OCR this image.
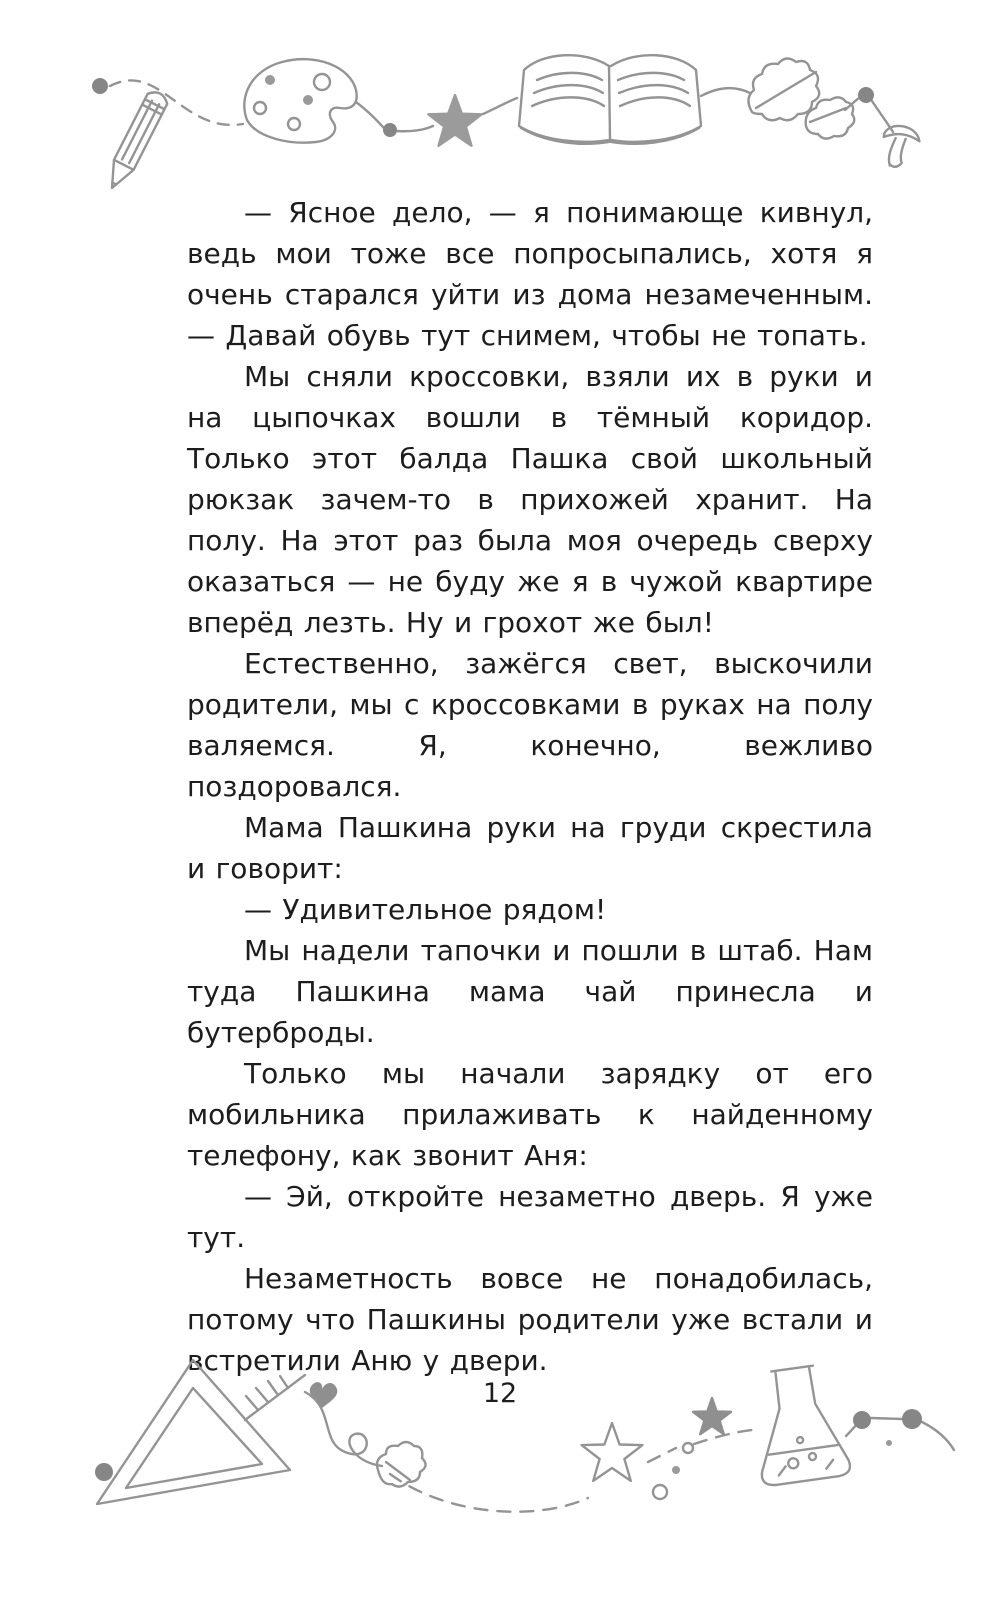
— Ясное дело, — я понимающе кивнул, ведь мои тоже все попросыпались, хотя я очень старался уйти из дома незамеченным. — Давай обувь тут снимем, чтобы не топать.

Мы сняли кроссовки, взяли их в руки и на цыпочках вошли в тёмный коридор. Только этот балда Пашка свой школьный рюкзак зачем-то в прихожей хранит. На полу. На этот раз была моя очередь сверху оказаться — не буду же я в чужой квартире вперёд лезть. Ну и грохот же был!

Естественно, зажёгся свет, выскочили родители, мы с кроссовками в руках на полу валяемся. Я, конечно, вежливо поздоровался.

Мама Пашкина руки на груди скрестила и говорит:

— Удивительное рядом!

Мы надели тапочки и пошли в штаб. Нам туда Пашкина мама чай принесла и бутерброды.

Только мы начали зарядку от его мобильника прилаживать к найденному телефону, как звонит Аня:

— Эй, откройте незаметно дверь. Я уже тут.

Незаметность вовсе не понадобилась, потому что Пашкины родители уже встали и встретили Аню у двери.

12
